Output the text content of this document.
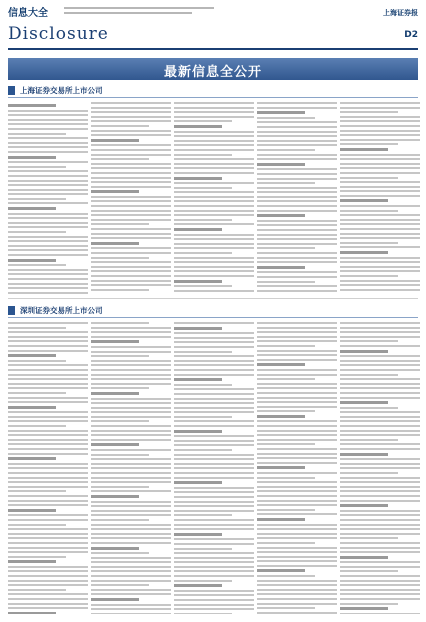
信息大全	上海证券报
Disclosure	D2
最新信息全公开
上海证券交易所上市公司
深圳证券交易所上市公司
